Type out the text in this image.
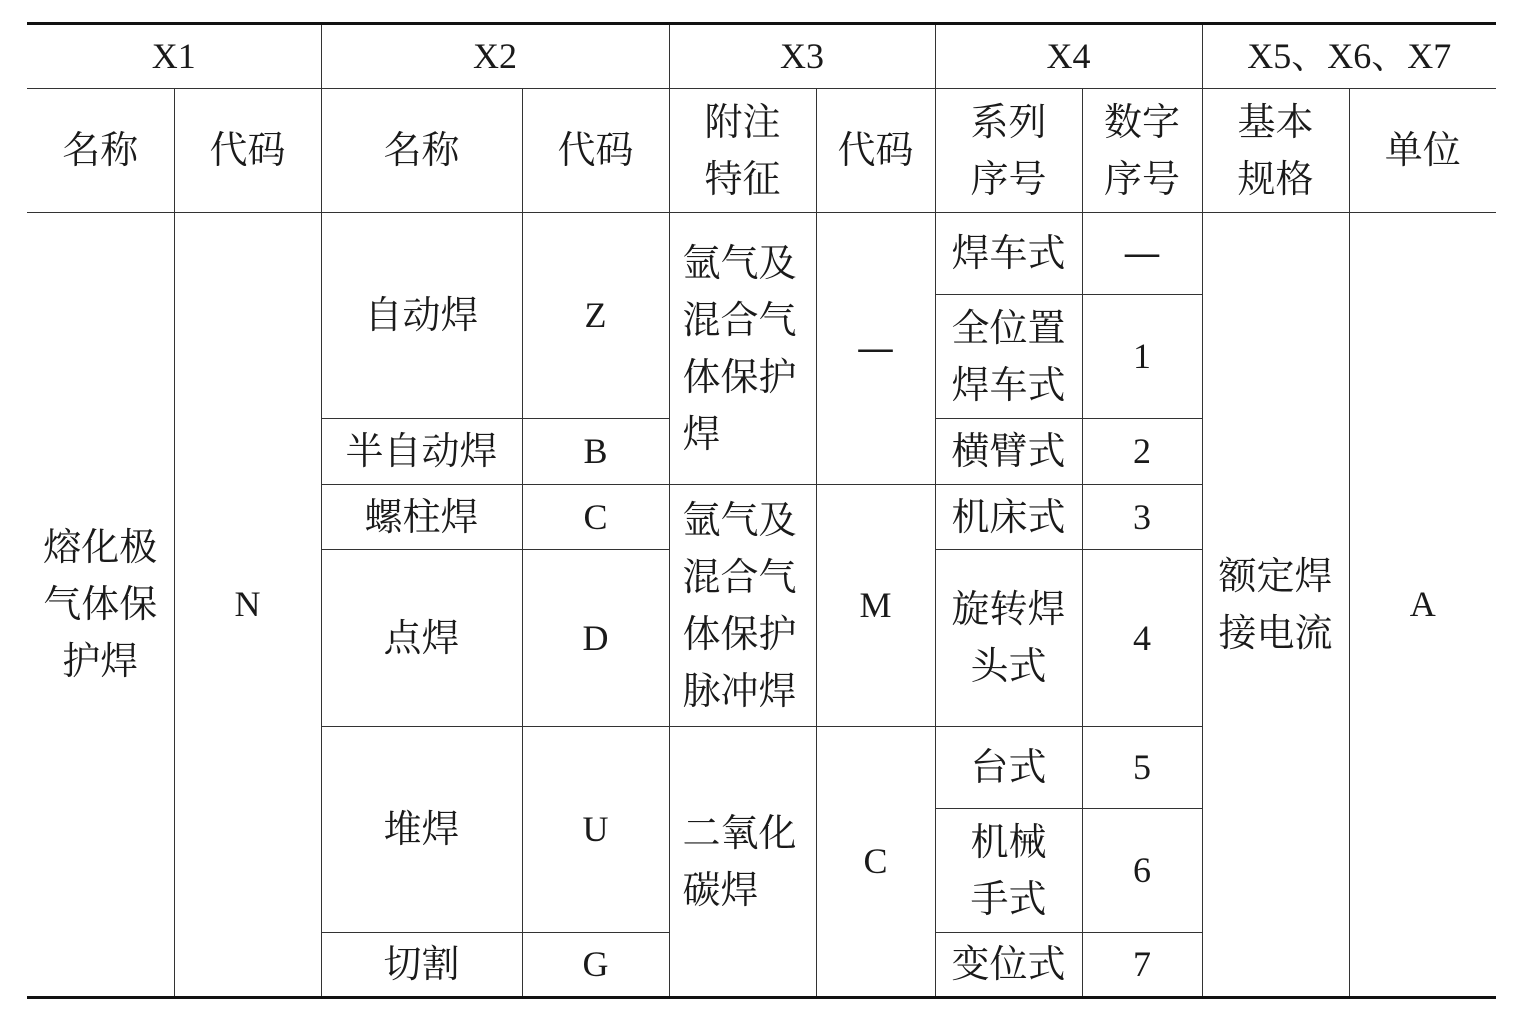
X1		X2		X3		X4		X5、X6、X7	
名称	代码	名称	代码	附注特征	代码	系列序号	数字序号	基本规格	单位
熔化极气体保护焊	N	自动焊	Z	氩气及混合气体保护焊	—	焊车式	—	额定焊接电流	A
						全位置焊车式	1		
		半自动焊	B			横臂式	2		
		螺柱焊	C	氩气及混合气体保护脉冲焊	M	机床式	3		
		点焊	D			旋转焊头式	4		
		堆焊	U	二氧化碳焊	C	台式	5		
						机械手式	6		
		切割	G			变位式	7		
